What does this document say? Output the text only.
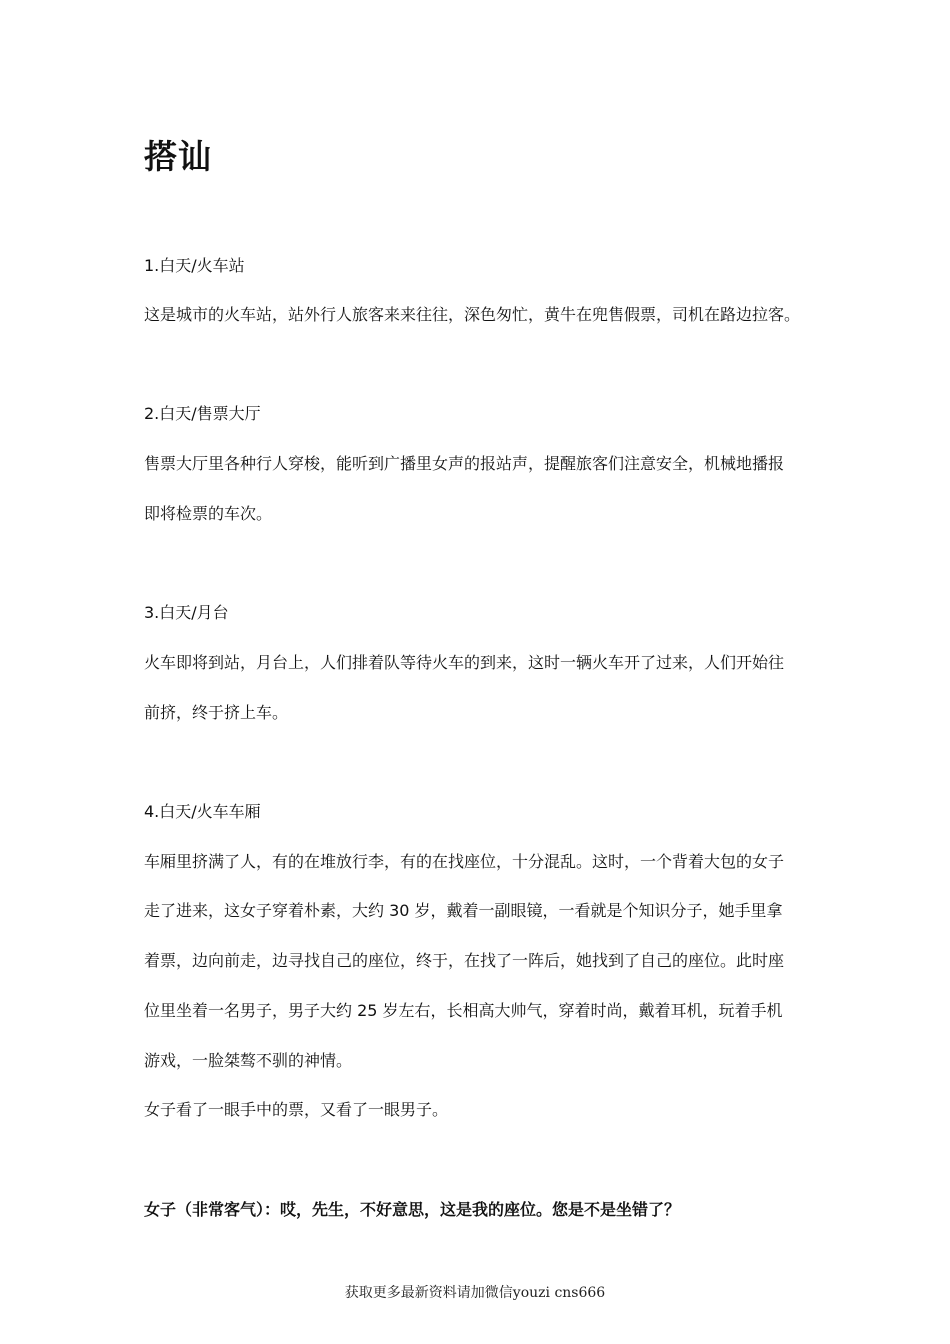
搭讪

1.白天/火车站

这是城市的火车站，站外行人旅客来来往往，深色匆忙，黄牛在兜售假票，司机在路边拉客。

2.白天/售票大厅

售票大厅里各种行人穿梭，能听到广播里女声的报站声，提醒旅客们注意安全，机械地播报

即将检票的车次。

3.白天/月台

火车即将到站，月台上，人们排着队等待火车的到来，这时一辆火车开了过来，人们开始往

前挤，终于挤上车。

4.白天/火车车厢

车厢里挤满了人，有的在堆放行李，有的在找座位，十分混乱。这时，一个背着大包的女子

走了进来，这女子穿着朴素，大约 30 岁，戴着一副眼镜，一看就是个知识分子，她手里拿

着票，边向前走，边寻找自己的座位，终于，在找了一阵后，她找到了自己的座位。此时座

位里坐着一名男子，男子大约 25 岁左右，长相高大帅气，穿着时尚，戴着耳机，玩着手机

游戏，一脸桀骜不驯的神情。

女子看了一眼手中的票，又看了一眼男子。

女子（非常客气）：哎，先生，不好意思，这是我的座位。您是不是坐错了？

获取更多最新资料请加微信youzi cns666
